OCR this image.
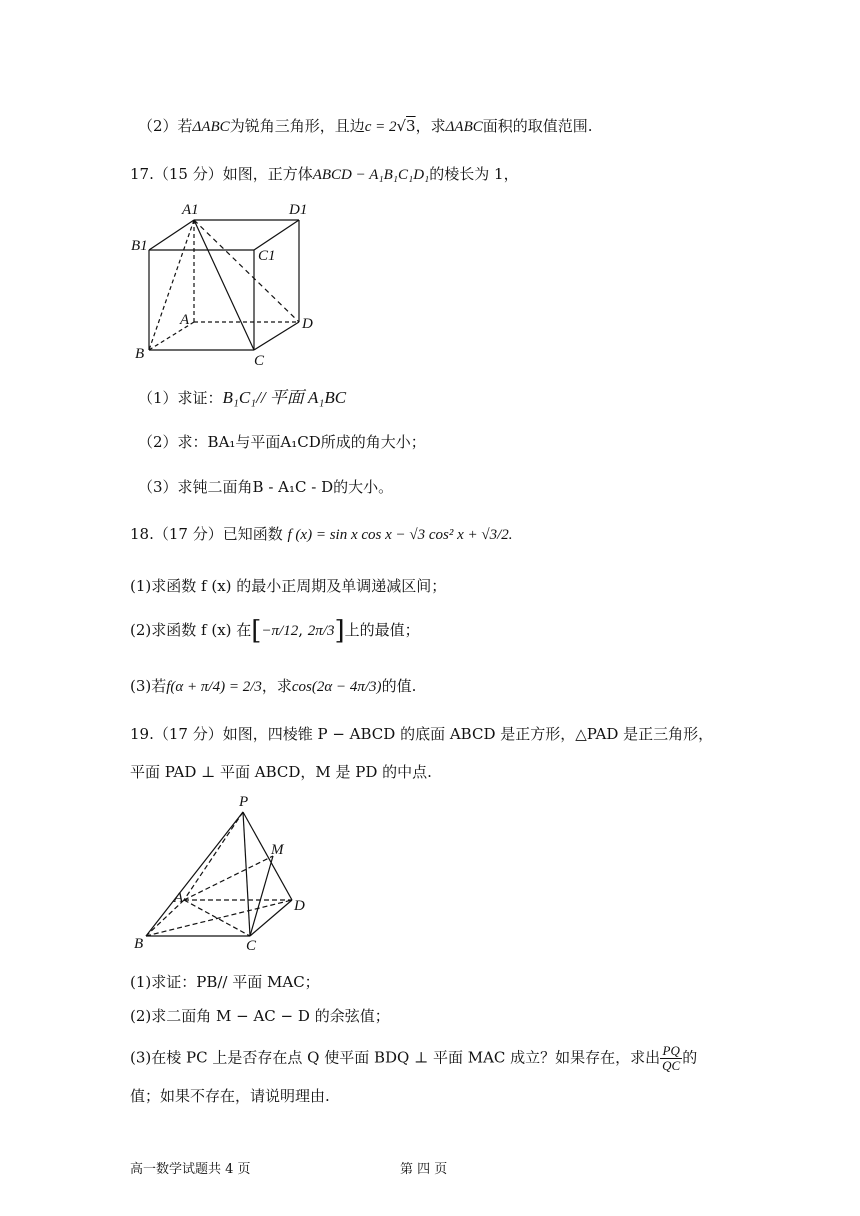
（2）若ΔABC为锐角三角形，且边c = 2√3，求ΔABC面积的取值范围.
17.（15 分）如图，正方体ABCD − A₁B₁C₁D₁的棱长为 1，
A1	D1
B1
C1
A	D
B	C
（1）求证：B₁C₁// 平面 A₁BC
（2）求：BA₁与平面A₁CD所成的角大小；
（3）求钝二面角B - A₁C - D的大小。
18.（17 分）已知函数 f (x) = sin x cos x − √3 cos² x + √3/2.
(1)求函数 f (x) 的最小正周期及单调递减区间；
(2)求函数 f (x) 在[−π/12, 2π/3]上的最值；
(3)若f(α + π/4) = 2/3，求cos(2α − 4π/3)的值.
19.（17 分）如图，四棱锥 P − ABCD 的底面 ABCD 是正方形，△PAD 是正三角形，
平面 PAD ⊥ 平面 ABCD，M 是 PD 的中点.
P
M
A	D
B	C
(1)求证：PB// 平面 MAC；
(2)求二面角 M − AC − D 的余弦值；
(3)在棱 PC 上是否存在点 Q 使平面 BDQ ⊥ 平面 MAC 成立？如果存在，求出 $\frac{PQ}{QC}$ 的
值；如果不存在，请说明理由.
高一数学试题共 4 页	第 四 页
